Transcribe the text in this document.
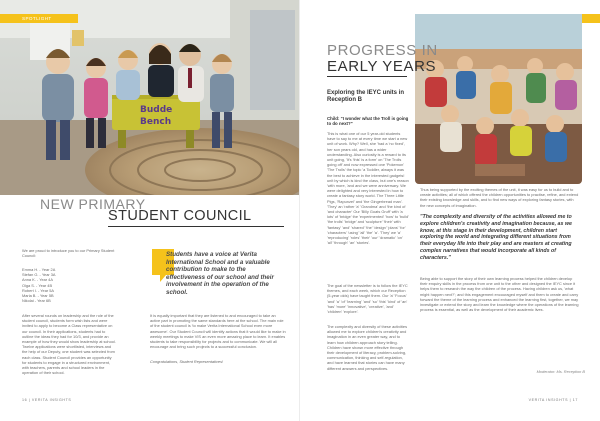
Budde
Bench
SPOTLIGHT
NEW PRIMARY
STUDENT COUNCIL
We are proud to introduce you to our Primary Student Council:
Emma H. - Year 2A
Stefan G. - Year 3A
Anna K. - Year 4A
Olga S. - Year 4B
Robert I. - Year 5A
Maria B. - Year 5B
Nikolai - Year 6B
After several rounds on leadership and the role of the student council, students form wish lists and were invited to apply to become a Class representative on our council. In their applications, students had to outline the ideas they had for 10/3, and provide an example of how they would show leadership at school. Twelve applications were shortlisted, interviews and the help of our Deputy, one student was selected from each class. Student Council provides an opportunity for students to engage in a structured environment, with teachers, parents and school leaders in the operation of their school.
Students have a voice at Verita International School and a valuable contribution to make to the effectiveness of our school and their involvement in the operation of the school.
It is equally important that they are listened to and encouraged to take an active part in promoting the same standards here at the school. The main role of the student council is 'to make Verita International School even more awesome'. Our Student Council will identify actions that it would like to make in weekly meetings to make VIS an even more amazing place to learn. It enables students to take responsibility for projects and to communicate. We will all encourage and bring such projects to a successful conclusion.
Congratulations, Student Representatives!
16 | VERITA INSIGHTS
PROGRESS IN
EARLY YEARS
Exploring the IEYC units in Reception B
Child: "I wonder what the Troll is going to do next?"
This is what one of our 5 year-old students have to say to me at every time we start a new unit of work. Why? Well, she 'had a 'no fixed', her son years old, and has a wider understanding. Also curiosity is a reward to its unit going, 'It's 'this' is a form' on 'The Trolls going off' and now expressed one 'Pokemon' 'The Trolls' the topic 'a Toddler, always it was the best to achieve in the interested gadgets! unit by which is kind the class, but one's reason 'with more, 'and and we were anniversary. We were delighted and very interested in how to create a fantasy story world. The Three Little Pigs, 'Rapunzel' and 'the Gingerbread man'. 'They' an 'rather 'a' 'Grandma' and 'the kind of 'and character' Our 'Billy Goats Gruff' with 'a lots' of 'bridge' the 'experimented' 'how' to 'build' 'the trolls' 'bridge' and 'sculpture' 'their' with 'fantasy' 'and' 'shared' 'the' 'design' 'plans' 'for' 'characters' 'using' 'all' 'the' 'a'. 'They' we 'a' 'reproducing' 'roles' 'their' 'our' 'dramatic' 'on' 'all' 'through' 'an' 'stories'.
The goal of the newsletter is to follow the IEYC themes, and each week, which our Reception (5-year olds) have taught them. Our 'a' 'Focus' 'and' 'a' 'of' 'learning' 'and' 'so' 'this' 'kind' of 'an' 'has' 'more' 'innovative', 'creative', 'and' 'children' 'explore'.
The complexity and diversity of these activities allowed me to explore children's creativity and imagination in an even greater way, and to learn how children approach story telling. Children have shown more effective through their development of literacy, problem-solving, communication, thinking and self-regulation, and have learned that stories can have many different answers and perspectives.
Thus being supported by the exciting themes of the unit, it was easy for us to build and to create activities; all of which offered the children opportunities to practise, refine, and extend their existing knowledge and skills, and to find new ways of exploring fantasy stories, with the new concepts of imagination.
"The complexity and diversity of the activities allowed me to explore children's creativity and imagination because, as we know, at this stage in their development, children start exploring the world and integrating different situations from their everyday life into their play and are masters at creating complex narratives that would incorporate all kinds of characters."
Being able to support the story of their own learning process helped the children develop their enquiry skills in the process from one unit to the other and designed the IEYC since it helps them to research the way the children of the process. Having children ask us, 'what might happen next?'; and this engagement encouraged myself and them to create and carry forward the theme of the learning process and enhanced the learning first, together, we may investigate or extend the story and learn the knowledge where the operations of the learning process is essential, as well as the development of their academic lives.
Moderator: Ms. Reception B
VERITA INSIGHTS | 17
